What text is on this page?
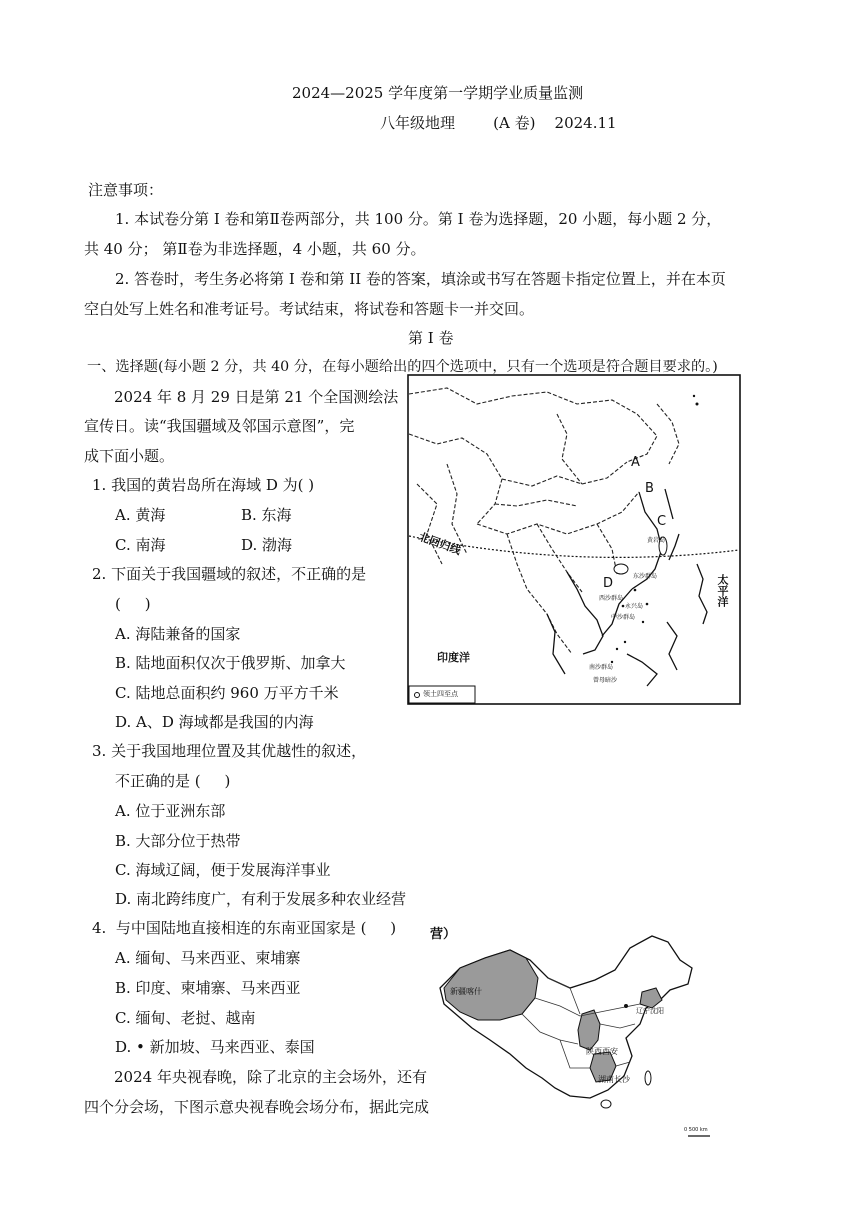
2024—2025 学年度第一学期学业质量监测
八年级地理        (A 卷)    2024.11
注意事项：
1. 本试卷分第 I 卷和第Ⅱ卷两部分，共 100 分。第 I 卷为选择题，20 小题，每小题 2 分，
共 40 分； 第Ⅱ卷为非选择题，4 小题，共 60 分。
2. 答卷时，考生务必将第 I 卷和第 II 卷的答案，填涂或书写在答题卡指定位置上，并在本页
空白处写上姓名和准考证号。考试结束，将试卷和答题卡一并交回。
第 I 卷
一、选择题(每小题 2 分，共 40 分，在每小题给出的四个选项中，只有一个选项是符合题目要求的。)
2024 年 8 月 29 日是第 21 个全国测绘法
宣传日。读“我国疆域及邻国示意图”，完
成下面小题。
1. 我国的黄岩岛所在海域 D 为( )
A. 黄海	B. 东海
C. 南海	D. 渤海
2. 下面关于我国疆域的叙述，不正确的是
(     )
A. 海陆兼备的国家
B. 陆地面积仅次于俄罗斯、加拿大
C. 陆地总面积约 960 万平方千米
D. A、D 海域都是我国的内海
3. 关于我国地理位置及其优越性的叙述，
不正确的是 (     )
A. 位于亚洲东部
B. 大部分位于热带
C. 海域辽阔，便于发展海洋事业
D. 南北跨纬度广，有利于发展多种农业经营
4.  与中国陆地直接相连的东南亚国家是 (     )
A. 缅甸、马来西亚、柬埔寨
B. 印度、柬埔寨、马来西亚
C. 缅甸、老挝、越南
D. • 新加坡、马来西亚、泰国
2024 年央视春晚，除了北京的主会场外，还有
四个分会场，下图示意央视春晚会场分布，据此完成
A
B
C
D
北回归线
太平洋
印度洋
黄岩岛
东沙群岛
西沙群岛
永兴岛
中沙群岛
南沙群岛
曾母暗沙
领土四至点
营）
新疆喀什
陕西西安
湖南长沙
辽宁沈阳
0 500 km
